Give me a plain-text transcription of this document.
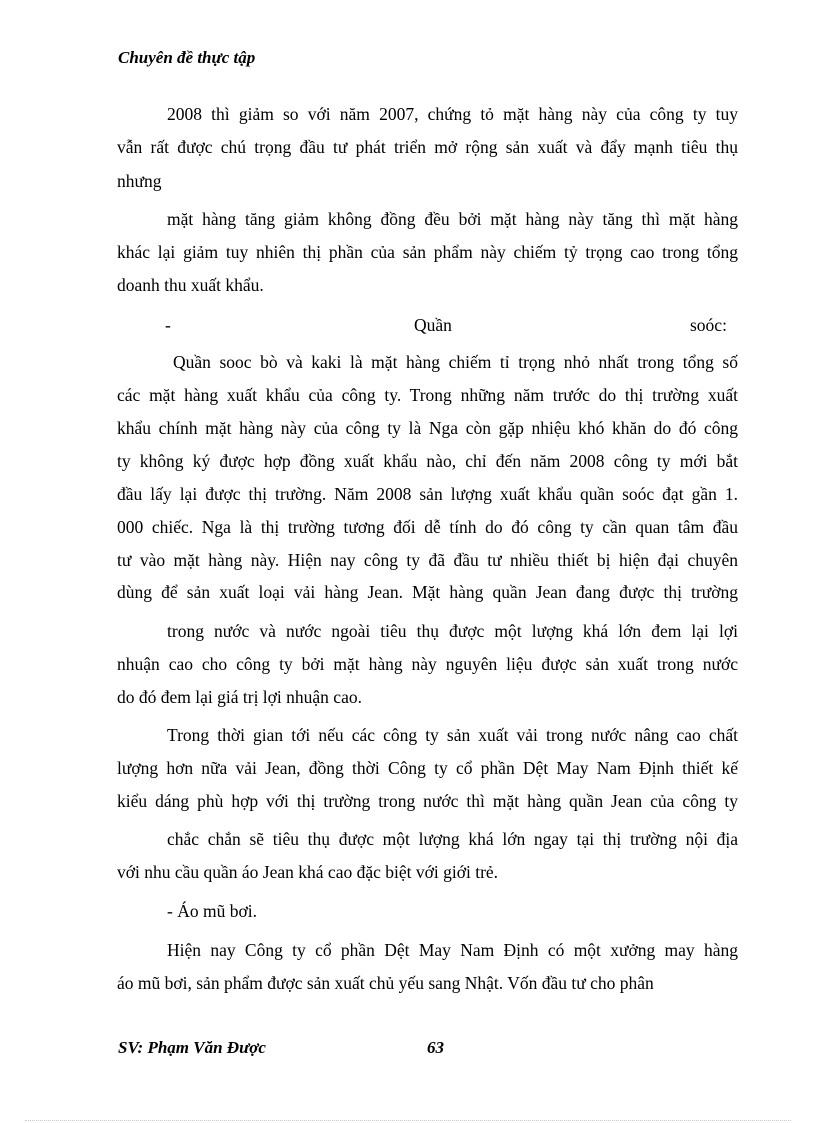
Chuyên đề thực tập
2008 thì giảm so với năm 2007, chứng tỏ mặt hàng này của công ty tuy
vẫn rất được chú trọng đầu tư phát triển mở rộng sản xuất và đẩy mạnh tiêu thụ
nhưng
mặt hàng tăng giảm không đồng đều bởi mặt hàng này tăng thì mặt hàng
khác lại giảm tuy nhiên thị phần của sản phẩm này chiếm tỷ trọng cao trong tổng
doanh thu xuất khẩu.
-	Quần	soóc:
Quần sooc bò và kaki là mặt hàng chiếm tỉ trọng nhỏ nhất trong tổng số
các mặt hàng xuất khẩu của công ty. Trong những năm trước do thị trường xuất
khẩu chính mặt hàng này của công ty là Nga còn gặp nhiệu khó khăn do đó công
ty không ký được hợp đồng xuất khẩu nào, chỉ đến năm 2008 công ty mới bắt
đầu lấy lại được thị trường. Năm 2008 sản lượng xuất khẩu quần soóc đạt gần 1.
000 chiếc. Nga là thị trường tương đối dễ tính do đó công ty cần quan tâm đầu
tư vào mặt hàng này. Hiện nay công ty đã đầu tư nhiều thiết bị hiện đại chuyên
dùng để sản xuất loại vải hàng Jean. Mặt hàng quần Jean đang được thị trường
trong nước và nước ngoài tiêu thụ được một lượng khá lớn đem lại lợi
nhuận cao cho công ty bởi mặt hàng này nguyên liệu được sản xuất trong nước
do đó đem lại giá trị lợi nhuận cao.
Trong thời gian tới nếu các công ty sản xuất vải trong nước nâng cao chất
lượng hơn nữa vải Jean, đồng thời Công ty cổ phần Dệt May Nam Định thiết kế
kiểu dáng phù hợp với thị trường trong nước thì mặt hàng quần Jean của công ty
chắc chắn sẽ tiêu thụ được một lượng khá lớn ngay tại thị trường nội địa
với nhu cầu quần áo Jean khá cao đặc biệt với giới trẻ.
- Áo mũ bơi.
Hiện nay Công ty cổ phần Dệt May Nam Định có một xưởng may hàng
áo mũ bơi, sản phẩm được sản xuất chủ yếu sang Nhật. Vốn đầu tư cho phân
SV: Phạm Văn Được	63
